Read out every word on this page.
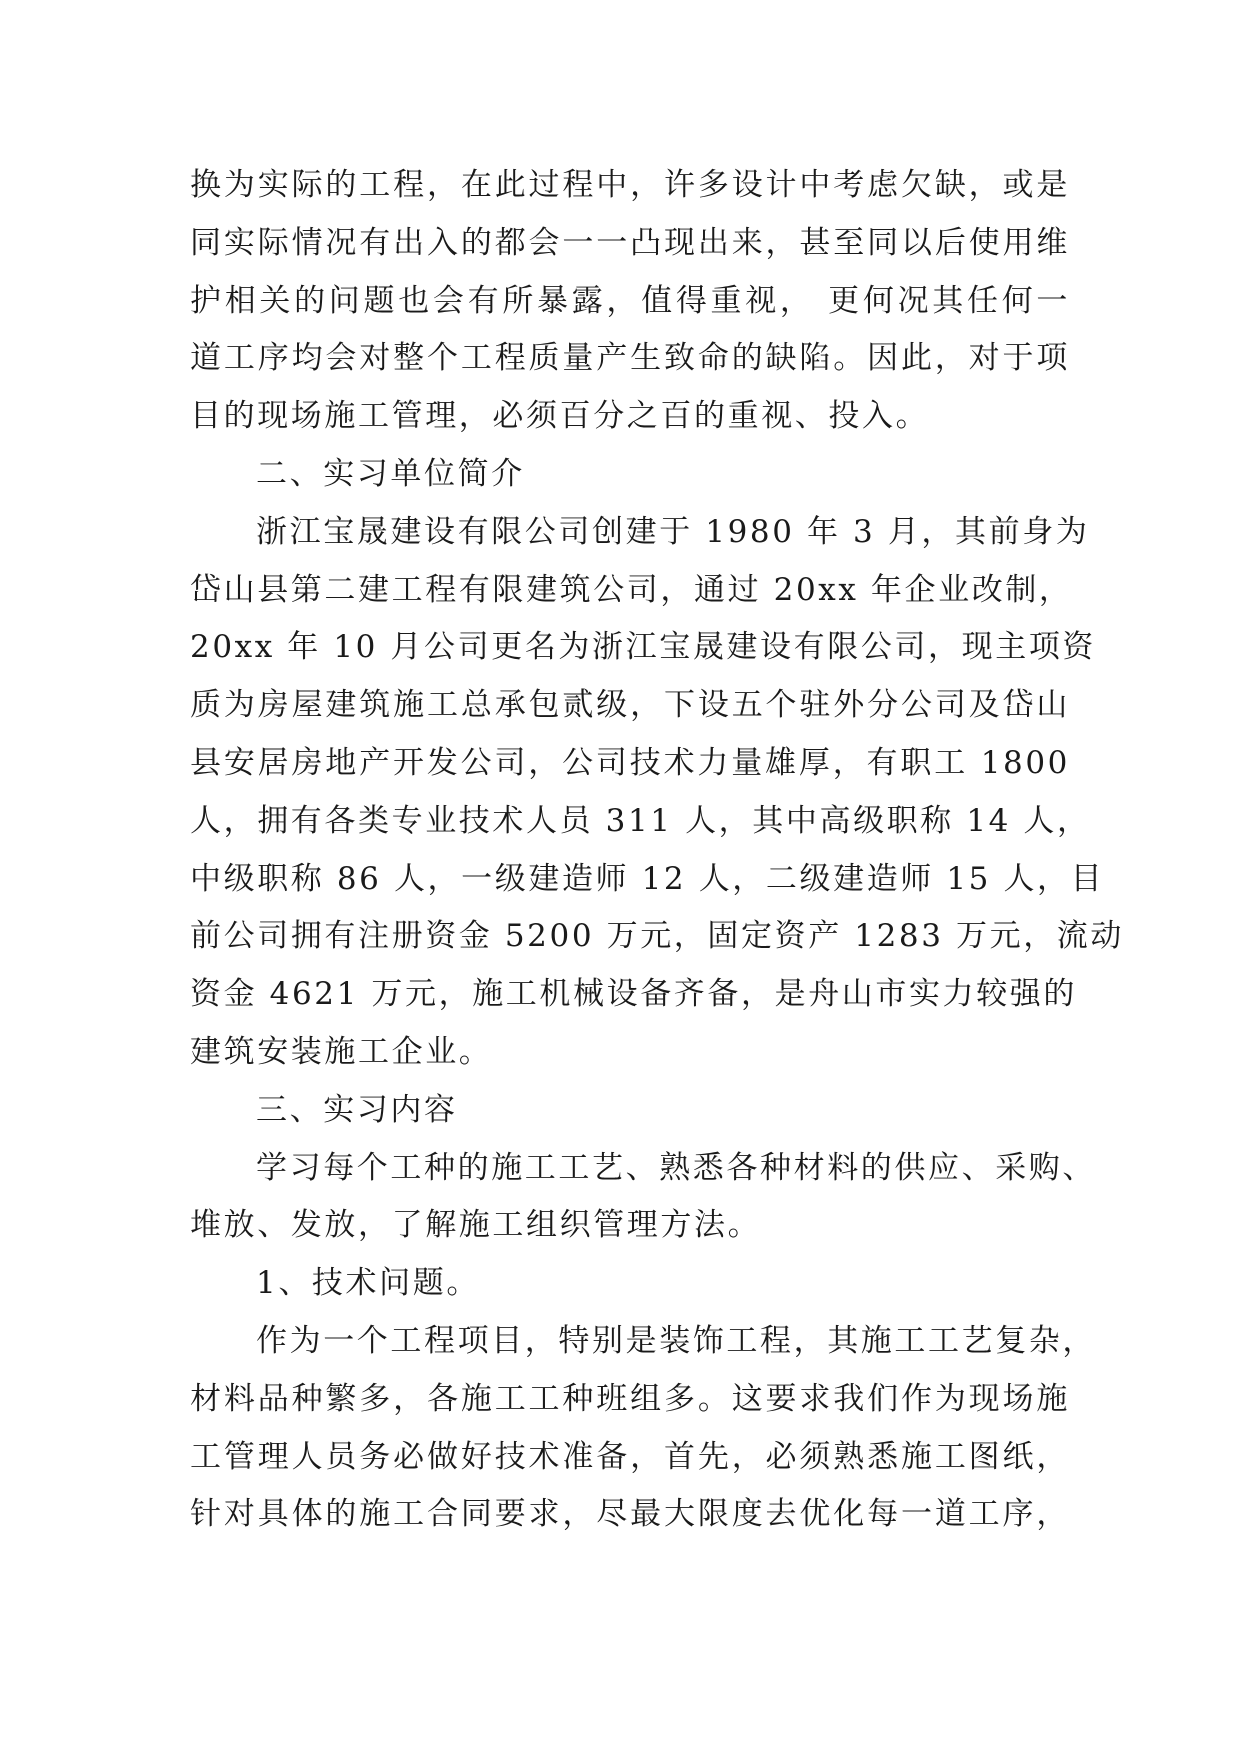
换为实际的工程，在此过程中，许多设计中考虑欠缺，或是
同实际情况有出入的都会一一凸现出来，甚至同以后使用维
护相关的问题也会有所暴露，值得重视， 更何况其任何一
道工序均会对整个工程质量产生致命的缺陷。因此，对于项
目的现场施工管理，必须百分之百的重视、投入。
二、实习单位简介
浙江宝晟建设有限公司创建于 1980 年 3 月，其前身为
岱山县第二建工程有限建筑公司，通过 20xx 年企业改制，
20xx 年 10 月公司更名为浙江宝晟建设有限公司，现主项资
质为房屋建筑施工总承包贰级，下设五个驻外分公司及岱山
县安居房地产开发公司，公司技术力量雄厚，有职工 1800
人，拥有各类专业技术人员 311 人，其中高级职称 14 人，
中级职称 86 人，一级建造师 12 人，二级建造师 15 人，目
前公司拥有注册资金 5200 万元，固定资产 1283 万元，流动
资金 4621 万元，施工机械设备齐备，是舟山市实力较强的
建筑安装施工企业。
三、实习内容
学习每个工种的施工工艺、熟悉各种材料的供应、采购、
堆放、发放，了解施工组织管理方法。
1、技术问题。
作为一个工程项目，特别是装饰工程，其施工工艺复杂，
材料品种繁多，各施工工种班组多。这要求我们作为现场施
工管理人员务必做好技术准备，首先，必须熟悉施工图纸，
针对具体的施工合同要求，尽最大限度去优化每一道工序，
